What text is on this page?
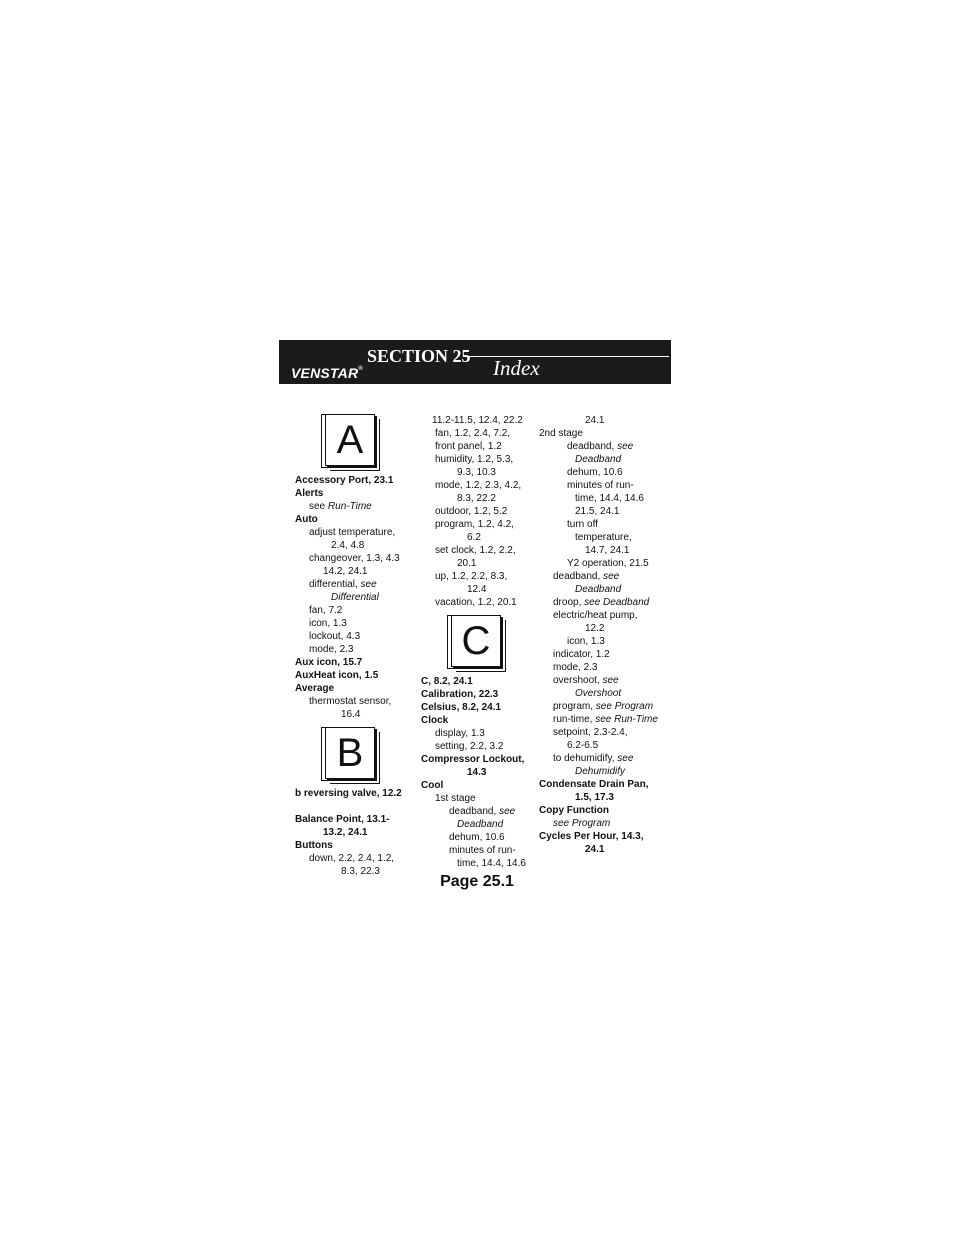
SECTION 25
VENSTAR®	Index
A
Accessory Port, 23.1
Alerts
see Run-Time
Auto
adjust temperature,
2.4, 4.8
changeover, 1.3, 4.3
14.2, 24.1
differential, see
Differential
fan, 7.2
icon, 1.3
lockout, 4.3
mode, 2.3
Aux icon, 15.7
AuxHeat icon, 1.5
Average
thermostat sensor,
16.4
B
b reversing valve, 12.2
Balance Point, 13.1-
13.2, 24.1
Buttons
down, 2.2, 2.4, 1.2,
8.3, 22.3
11.2-11.5, 12.4, 22.2
fan, 1.2, 2.4, 7.2,
front panel, 1.2
humidity, 1.2, 5.3,
9.3, 10.3
mode, 1.2, 2.3, 4.2,
8.3, 22.2
outdoor, 1.2, 5.2
program, 1.2, 4.2,
6.2
set clock, 1.2, 2.2,
20.1
up, 1.2, 2.2, 8.3,
12.4
vacation, 1.2, 20.1
C
C, 8.2, 24.1
Calibration, 22.3
Celsius, 8.2, 24.1
Clock
display, 1.3
setting, 2.2, 3.2
Compressor Lockout,
14.3
Cool
1st stage
deadband, see
Deadband
dehum, 10.6
minutes of run-
time, 14.4, 14.6
24.1
2nd stage
deadband, see
Deadband
dehum, 10.6
minutes of run-
time, 14.4, 14.6
21.5, 24.1
turn off
temperature,
14.7, 24.1
Y2 operation, 21.5
deadband, see
Deadband
droop, see Deadband
electric/heat pump,
12.2
icon, 1.3
indicator, 1.2
mode, 2.3
overshoot, see
Overshoot
program, see Program
run-time, see Run-Time
setpoint, 2.3-2.4,
6.2-6.5
to dehumidify, see
Dehumidify
Condensate Drain Pan,
1.5, 17.3
Copy Function
see Program
Cycles Per Hour, 14.3,
24.1
Page 25.1
